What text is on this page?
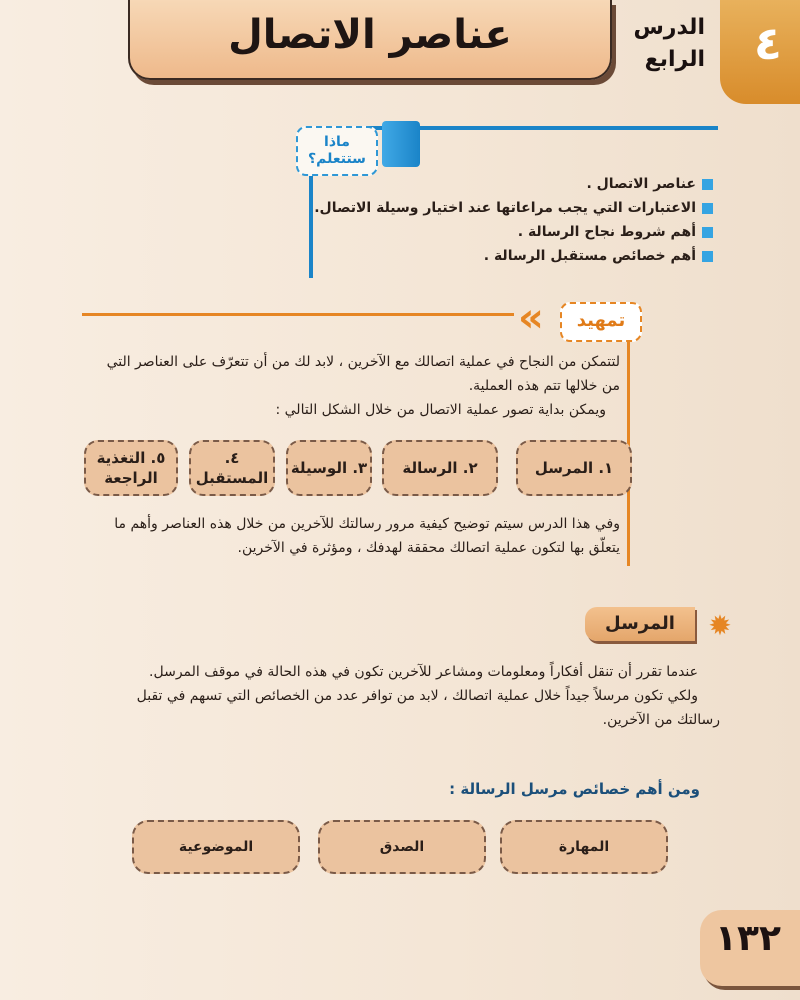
عناصر الاتصال	الدرس
الرابع ٤
ماذا
ستتعلم؟
عناصر الاتصال .
الاعتبارات التي يجب مراعاتها عند اختيار وسيلة الاتصال.
أهم شروط نجاح الرسالة .
أهم خصائص مستقبل الرسالة .
«	تمهيد
لتتمكن من النجاح في عملية اتصالك مع الآخرين ، لابد لك من أن تتعرّف على العناصر التي
من خلالها تتم هذه العملية.
ويمكن بداية تصور عملية الاتصال من خلال الشكل التالي :
١. المرسل
٢. الرسالة
٣. الوسيلة
٤. المستقبل
٥. التغذية الراجعة
وفي هذا الدرس سيتم توضيح كيفية مرور رسالتك للآخرين من خلال هذه العناصر وأهم ما
يتعلّق بها لتكون عملية اتصالك محققة لهدفك ، ومؤثرة في الآخرين.
المرسل	✹
عندما تقرر أن تنقل أفكاراً ومعلومات ومشاعر للآخرين تكون في هذه الحالة في موقف المرسل.
ولكي تكون مرسلاً جيداً خلال عملية اتصالك ، لابد من توافر عدد من الخصائص التي تسهم في تقبل
رسالتك من الآخرين.
ومن أهم خصائص مرسل الرسالة :
المهارة
الصدق
الموضوعية
١٣٢
